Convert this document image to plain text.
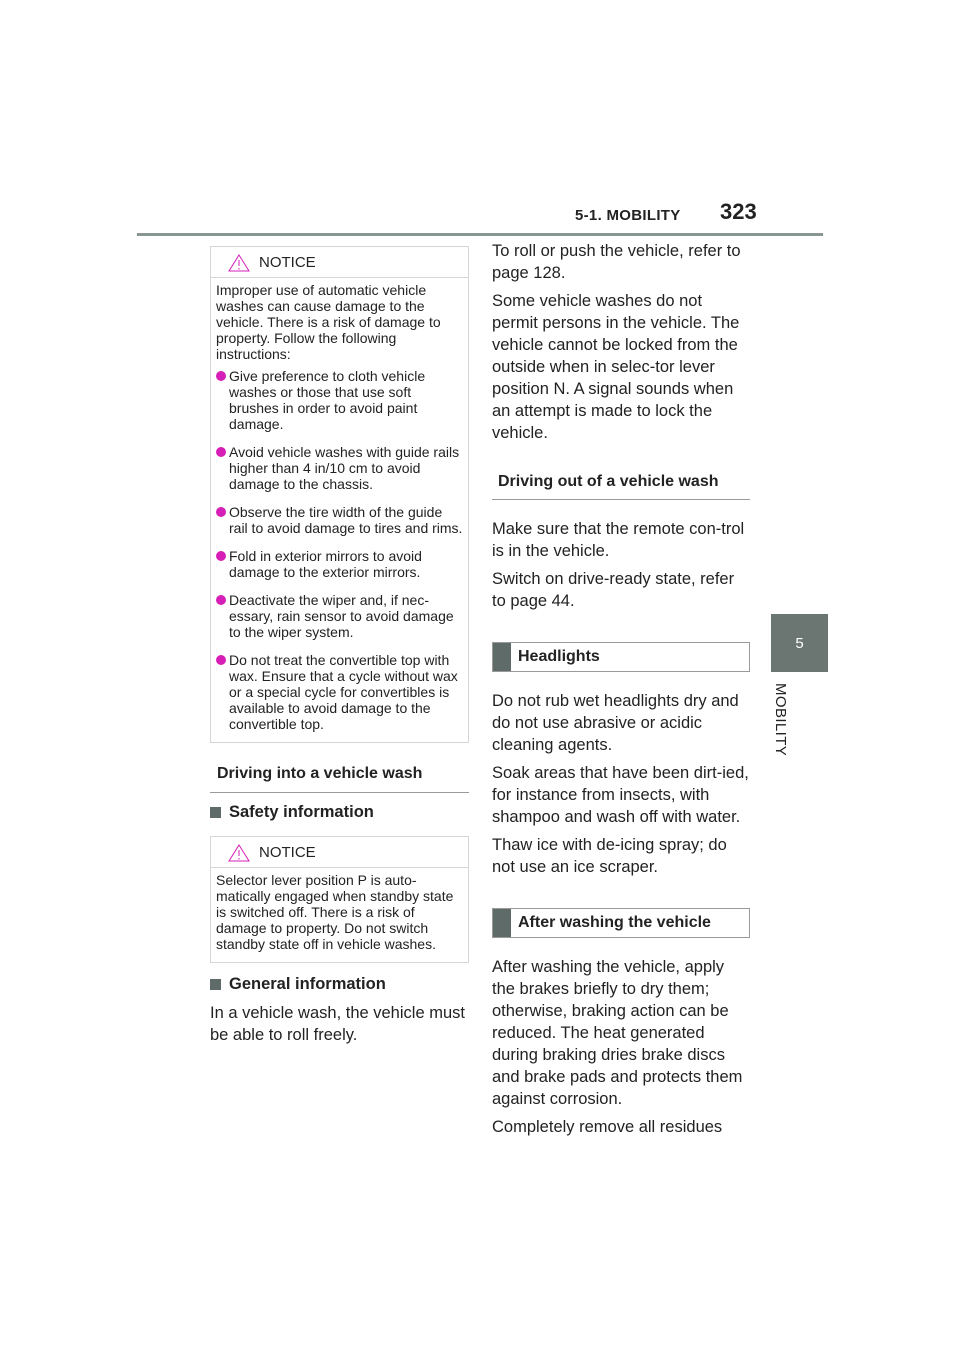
5-1. MOBILITY 323
5
MOBILITY
NOTICE

Improper use of automatic vehicle washes can cause damage to the vehicle. There is a risk of damage to property. Follow the following instructions:

Give preference to cloth vehicle washes or those that use soft brushes in order to avoid paint damage.
Avoid vehicle washes with guide rails higher than 4 in/10 cm to avoid damage to the chassis.
Observe the tire width of the guide rail to avoid damage to tires and rims.
Fold in exterior mirrors to avoid damage to the exterior mirrors.
Deactivate the wiper and, if nec-essary, rain sensor to avoid damage to the wiper system.
Do not treat the convertible top with wax. Ensure that a cycle without wax or a special cycle for convertibles is available to avoid damage to the convertible top.
Driving into a vehicle wash
Safety information
NOTICE

Selector lever position P is auto-matically engaged when standby state is switched off. There is a risk of damage to property. Do not switch standby state off in vehicle washes.

General information

In a vehicle wash, the vehicle must be able to roll freely.

To roll or push the vehicle, refer to page 128.

Some vehicle washes do not permit persons in the vehicle. The vehicle cannot be locked from the outside when in selec-tor lever position N. A signal sounds when an attempt is made to lock the vehicle.

Driving out of a vehicle wash

Make sure that the remote con-trol is in the vehicle.

Switch on drive-ready state, refer to page 44.

Headlights

Do not rub wet headlights dry and do not use abrasive or acidic cleaning agents.

Soak areas that have been dirt-ied, for instance from insects, with shampoo and wash off with water.

Thaw ice with de-icing spray; do not use an ice scraper.

After washing the vehicle

After washing the vehicle, apply the brakes briefly to dry them; otherwise, braking action can be reduced. The heat generated during braking dries brake discs and brake pads and protects them against corrosion.

Completely remove all residues
